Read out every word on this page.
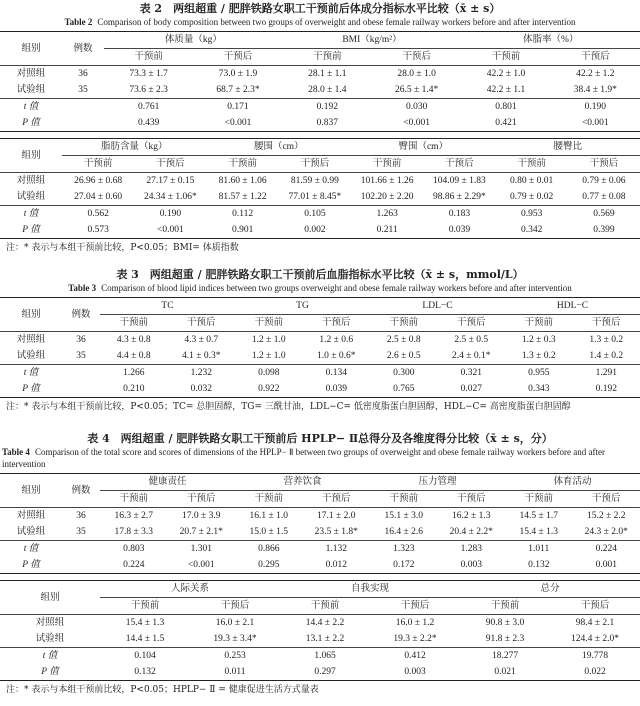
表 2　两组超重 / 肥胖铁路女职工干预前后体成分指标水平比较（x̄ ± s）
Table 2 Comparison of body composition between two groups of overweight and obese female railway workers before and after intervention
组别	例数	体质量（kg）		BMI（kg/m²）		体脂率（%）	
		干预前	干预后	干预前	干预后	干预前	干预后
对照组	36	73.3 ± 1.7	73.0 ± 1.9	28.1 ± 1.1	28.0 ± 1.0	42.2 ± 1.0	42.2 ± 1.2
试验组	35	73.6 ± 2.3	68.7 ± 2.3*	28.0 ± 1.4	26.5 ± 1.4*	42.2 ± 1.1	38.4 ± 1.9*
t 值		0.761	0.171	0.192	0.030	0.801	0.190
P 值		0.439	<0.001	0.837	<0.001	0.421	<0.001
组别	脂肪含量（kg）		腰围（cm）		臀围（cm）		腰臀比	
	干预前	干预后	干预前	干预后	干预前	干预后	干预前	干预后
对照组	26.96 ± 0.68	27.17 ± 0.15	81.60 ± 1.06	81.59 ± 0.99	101.66 ± 1.26	104.09 ± 1.83	0.80 ± 0.01	0.79 ± 0.06
试验组	27.04 ± 0.60	24.34 ± 1.06*	81.57 ± 1.22	77.01 ± 8.45*	102.20 ± 2.20	98.86 ± 2.29*	0.79 ± 0.02	0.77 ± 0.08
t 值	0.562	0.190	0.112	0.105	1.263	0.183	0.953	0.569
P 值	0.573	<0.001	0.901	0.002	0.211	0.039	0.342	0.399
注：* 表示与本组干预前比较，P<0.05；BMI= 体质指数
表 3　两组超重 / 肥胖铁路女职工干预前后血脂指标水平比较（x̄ ± s，mmol/L）
Table 3 Comparison of blood lipid indices between two groups overweight and obese female railway workers before and after intervention
组别	例数	TC		TG		LDL−C		HDL−C	
		干预前	干预后	干预前	干预后	干预前	干预后	干预前	干预后
对照组	36	4.3 ± 0.8	4.3 ± 0.7	1.2 ± 1.0	1.2 ± 0.6	2.5 ± 0.8	2.5 ± 0.5	1.2 ± 0.3	1.3 ± 0.2
试验组	35	4.4 ± 0.8	4.1 ± 0.3*	1.2 ± 1.0	1.0 ± 0.6*	2.6 ± 0.5	2.4 ± 0.1*	1.3 ± 0.2	1.4 ± 0.2
t 值		1.266	1.232	0.098	0.134	0.300	0.321	0.955	1.291
P 值		0.210	0.032	0.922	0.039	0.765	0.027	0.343	0.192
注：* 表示与本组干预前比较，P<0.05；TC= 总胆固醇，TG= 三酰甘油，LDL−C= 低密度脂蛋白胆固醇，HDL−C= 高密度脂蛋白胆固醇
表 4　两组超重 / 肥胖铁路女职工干预前后 HPLP− Ⅱ总得分及各维度得分比较（x̄ ± s，分）
Table 4 Comparison of the total score and scores of dimensions of the HPLP− Ⅱ between two groups of overweight and obese female railway workers before and after intervention
组别	例数	健康责任		营养饮食		压力管理		体育活动	
		干预前	干预后	干预前	干预后	干预前	干预后	干预前	干预后
对照组	36	16.3 ± 2.7	17.0 ± 3.9	16.1 ± 1.0	17.1 ± 2.0	15.1 ± 3.0	16.2 ± 1.3	14.5 ± 1.7	15.2 ± 2.2
试验组	35	17.8 ± 3.3	20.7 ± 2.1*	15.0 ± 1.5	23.5 ± 1.8*	16.4 ± 2.6	20.4 ± 2.2*	15.4 ± 1.3	24.3 ± 2.0*
t 值		0.803	1.301	0.866	1.132	1.323	1.283	1.011	0.224
P 值		0.224	<0.001	0.295	0.012	0.172	0.003	0.132	0.001
组别	人际关系		自我实现		总分	
	干预前	干预后	干预前	干预后	干预前	干预后
对照组	15.4 ± 1.3	16.0 ± 2.1	14.4 ± 2.2	16.0 ± 1.2	90.8 ± 3.0	98.4 ± 2.1
试验组	14.4 ± 1.5	19.3 ± 3.4*	13.1 ± 2.2	19.3 ± 2.2*	91.8 ± 2.3	124.4 ± 2.0*
t 值	0.104	0.253	1.065	0.412	18.277	19.778
P 值	0.132	0.011	0.297	0.003	0.021	0.022
注：* 表示与本组干预前比较，P<0.05；HPLP− Ⅱ = 健康促进生活方式量表
